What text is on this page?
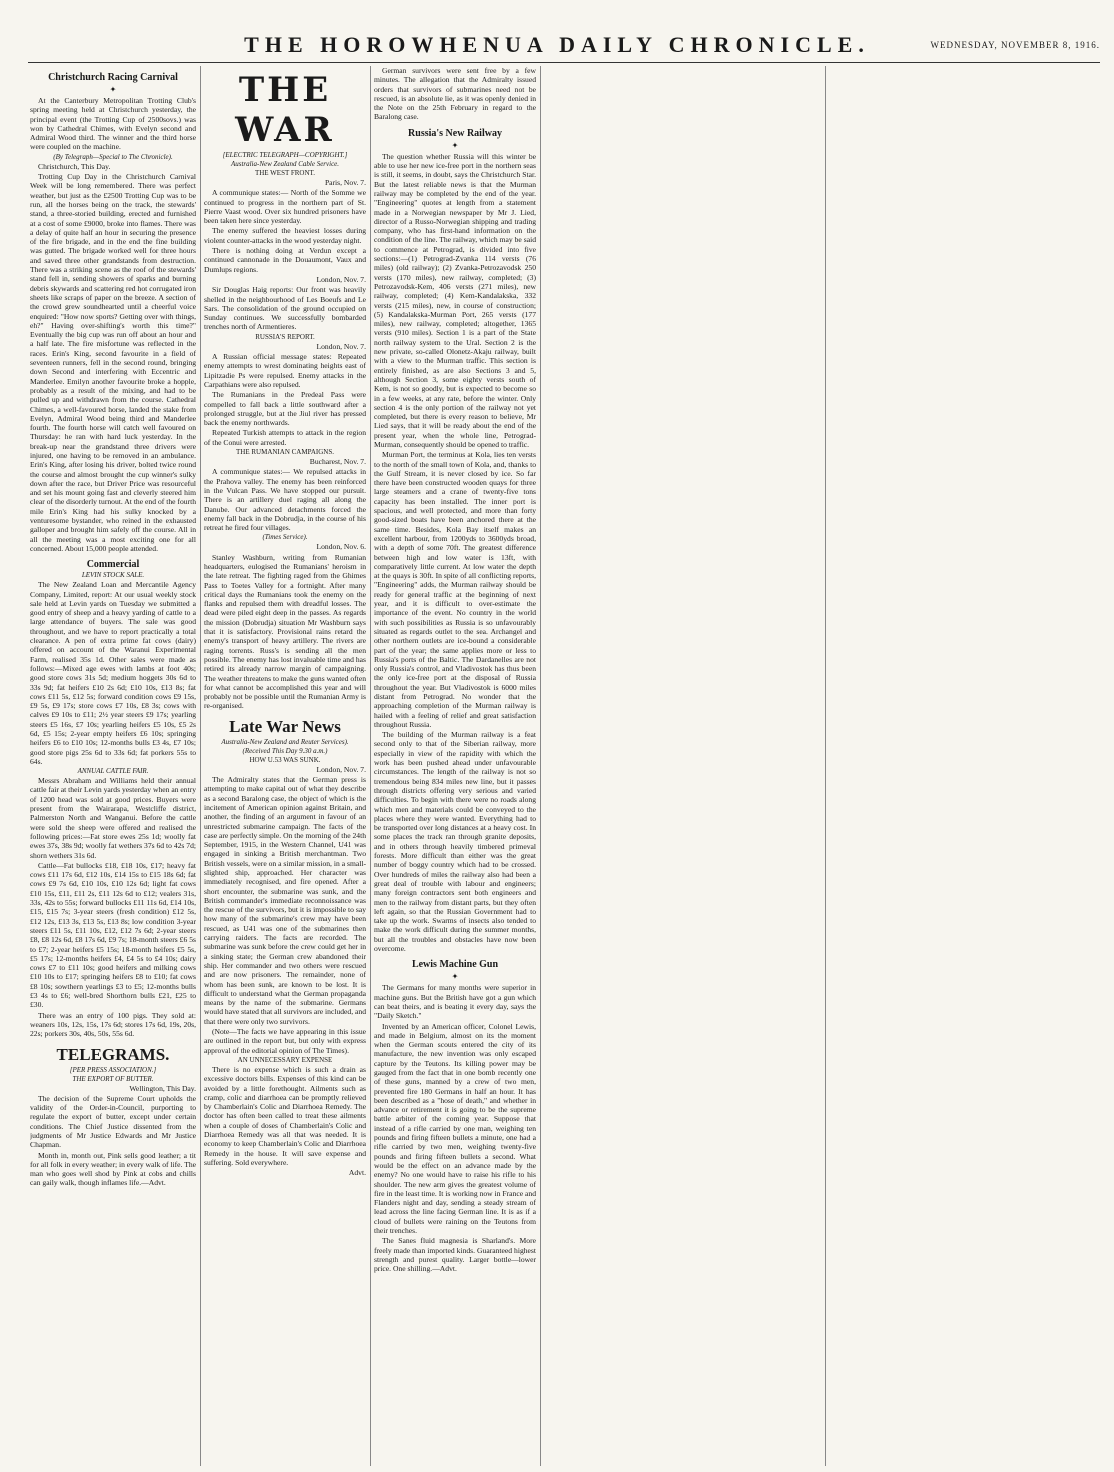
THE HOROWHENUA DAILY CHRONICLE.	WEDNESDAY, NOVEMBER 8, 1916.
Christchurch Racing Carnival
✦

At the Canterbury Metropolitan Trotting Club's spring meeting held at Christchurch yesterday, the principal event (the Trotting Cup of 2500sovs.) was won by Cathedral Chimes, with Evelyn second and Admiral Wood third. The winner and the third horse were coupled on the machine.

(By Telegraph—Special to The Chronicle).

Christchurch, This Day.

Trotting Cup Day in the Christchurch Carnival Week will be long remembered. There was perfect weather, but just as the £2500 Trotting Cup was to be run, all the horses being on the track, the stewards' stand, a three-storied building, erected and furnished at a cost of some £9000, broke into flames. There was a delay of quite half an hour in securing the presence of the fire brigade, and in the end the fine building was gutted. The brigade worked well for three hours and saved three other grandstands from destruction. There was a striking scene as the roof of the stewards' stand fell in, sending showers of sparks and burning debris skywards and scattering red hot corrugated iron sheets like scraps of paper on the breeze. A section of the crowd grew soundhearted until a cheerful voice enquired: "How now sports? Getting over with things, eh?" Having over-shifting's worth this time?" Eventually the big cup was run off about an hour and a half late. The fire misfortune was reflected in the races. Erin's King, second favourite in a field of seventeen runners, fell in the second round, bringing down Second and interfering with Eccentric and Manderlee. Emilyn another favourite broke a hopple, probably as a result of the mixing, and had to be pulled up and withdrawn from the course. Cathedral Chimes, a well-favoured horse, landed the stake from Evelyn, Admiral Wood being third and Manderlee fourth. The fourth horse will catch well favoured on Thursday: he ran with hard luck yesterday. In the break-up near the grandstand three drivers were injured, one having to be removed in an ambulance. Erin's King, after losing his driver, bolted twice round the course and almost brought the cup winner's sulky down after the race, but Driver Price was resourceful and set his mount going fast and cleverly steered him clear of the disorderly turnout. At the end of the fourth mile Erin's King had his sulky knocked by a venturesome bystander, who reined in the exhausted galloper and brought him safely off the course. All in all the meeting was a most exciting one for all concerned. About 15,000 people attended.

Commercial
LEVIN STOCK SALE.

The New Zealand Loan and Mercantile Agency Company, Limited, report: At our usual weekly stock sale held at Levin yards on Tuesday we submitted a good entry of sheep and a heavy yarding of cattle to a large attendance of buyers. The sale was good throughout, and we have to report practically a total clearance. A pen of extra prime fat cows (dairy) offered on account of the Waranui Experimental Farm, realised 35s 1d. Other sales were made as follows:—Mixed age ewes with lambs at foot 40s; good store cows 31s 5d; medium hoggets 30s 6d to 33s 9d; fat heifers £10 2s 6d; £10 10s, £13 8s; fat cows £11 5s, £12 5s; forward condition cows £9 15s, £9 5s, £9 17s; store cows £7 10s, £8 3s; cows with calves £9 10s to £11; 2½ year steers £9 17s; yearling steers £5 16s, £7 10s; yearling heifers £5 10s, £5 2s 6d, £5 15s; 2-year empty heifers £6 10s; springing heifers £6 to £10 10s; 12-months bulls £3 4s, £7 10s; good store pigs 25s 6d to 33s 6d; fat porkers 55s to 64s.

ANNUAL CATTLE FAIR.

Messrs Abraham and Williams held their annual cattle fair at their Levin yards yesterday when an entry of 1200 head was sold at good prices. Buyers were present from the Wairarapa, Westcliffe district, Palmerston North and Wanganui. Before the cattle were sold the sheep were offered and realised the following prices:—Fat store ewes 25s 1d; woolly fat ewes 37s, 38s 9d; woolly fat wethers 37s 6d to 42s 7d; shorn wethers 31s 6d.

Cattle—Fat bullocks £18, £18 10s, £17; heavy fat cows £11 17s 6d, £12 10s, £14 15s to £15 18s 6d; fat cows £9 7s 6d, £10 10s, £10 12s 6d; light fat cows £10 15s, £11, £11 2s, £11 12s 6d to £12; vealers 31s, 33s, 42s to 55s; forward bullocks £11 11s 6d, £14 10s, £15, £15 7s; 3-year steers (fresh condition) £12 5s, £12 12s, £13 3s, £13 5s, £13 8s; low condition 3-year steers £11 5s, £11 10s, £12, £12 7s 6d; 2-year steers £8, £8 12s 6d, £8 17s 6d, £9 7s; 18-month steers £6 5s to £7; 2-year heifers £5 15s; 18-month heifers £5 5s, £5 17s; 12-months heifers £4, £4 5s to £4 10s; dairy cows £7 to £11 10s; good heifers and milking cows £10 10s to £17; springing heifers £8 to £10; fat cows £8 10s; sowthern yearlings £3 to £5; 12-months bulls £3 4s to £6; well-bred Shorthorn bulls £21, £25 to £30.

There was an entry of 100 pigs. They sold at: weaners 10s, 12s, 15s, 17s 6d; stores 17s 6d, 19s, 20s, 22s; porkers 30s, 40s, 50s, 55s 6d.

TELEGRAMS.
[PER PRESS ASSOCIATION.]
THE EXPORT OF BUTTER.

Wellington, This Day.

The decision of the Supreme Court upholds the validity of the Order-in-Council, purporting to regulate the export of butter, except under certain conditions. The Chief Justice dissented from the judgments of Mr Justice Edwards and Mr Justice Chapman.

Month in, month out, Pink sells good leather; a tit for all folk in every weather; in every walk of life. The man who goes well shod by Pink at cobs and chills can gaily walk, though inflames life.—Advt.

THE WAR
[ELECTRIC TELEGRAPH—COPYRIGHT.]
Australia-New Zealand Cable Service.
THE WEST FRONT.

Paris, Nov. 7.

A communique states:— North of the Somme we continued to progress in the northern part of St. Pierre Vaast wood. Over six hundred prisoners have been taken here since yesterday.

The enemy suffered the heaviest losses during violent counter-attacks in the wood yesterday night.

There is nothing doing at Verdun except a continued cannonade in the Douaumont, Vaux and Dumlups regions.

London, Nov. 7.

Sir Douglas Haig reports: Our front was heavily shelled in the neighbourhood of Les Boeufs and Le Sars. The consolidation of the ground occupied on Sunday continues. We successfully bombarded trenches north of Armentieres.

RUSSIA'S REPORT.

London, Nov. 7.

A Russian official message states: Repeated enemy attempts to wrest dominating heights east of Lipitzadie Ps were repulsed. Enemy attacks in the Carpathians were also repulsed.

The Rumanians in the Predeal Pass were compelled to fall back a little southward after a prolonged struggle, but at the Jiul river has pressed back the enemy northwards.

Repeated Turkish attempts to attack in the region of the Conui were arrested.

THE RUMANIAN CAMPAIGNS.

Bucharest, Nov. 7.

A communique states:— We repulsed attacks in the Prahova valley. The enemy has been reinforced in the Vulcan Pass. We have stopped our pursuit. There is an artillery duel raging all along the Danube. Our advanced detachments forced the enemy fall back in the Dobrudja, in the course of his retreat he fired four villages.

(Times Service).

London, Nov. 6.

Stanley Washburn, writing from Rumanian headquarters, eulogised the Rumanians' heroism in the late retreat. The fighting raged from the Ghimes Pass to Toetes Valley for a fortnight. After many critical days the Rumanians took the enemy on the flanks and repulsed them with dreadful losses. The dead were piled eight deep in the passes. As regards the mission (Dobrudja) situation Mr Washburn says that it is satisfactory. Provisional rains retard the enemy's transport of heavy artillery. The rivers are raging torrents. Russ's is sending all the men possible. The enemy has lost invaluable time and has retired its already narrow margin of campaigning. The weather threatens to make the guns wanted often for what cannot be accomplished this year and will probably not be possible until the Rumanian Army is re-organised.

Late War News
Australia-New Zealand and Reuter Services).
(Received This Day 9.30 a.m.)
HOW U.53 WAS SUNK.

London, Nov. 7.

The Admiralty states that the German press is attempting to make capital out of what they describe as a second Baralong case, the object of which is the incitement of American opinion against Britain, and another, the finding of an argument in favour of an unrestricted submarine campaign. The facts of the case are perfectly simple. On the morning of the 24th September, 1915, in the Western Channel, U41 was engaged in sinking a British merchantman. Two British vessels, were on a similar mission, in a small-slighted ship, approached. Her character was immediately recognised, and fire opened. After a short encounter, the submarine was sunk, and the British commander's immediate reconnoissance was the rescue of the survivors, but it is impossible to say how many of the submarine's crew may have been rescued, as U41 was one of the submarines then carrying raiders. The facts are recorded. The submarine was sunk before the crew could get her in a sinking state; the German crew abandoned their ship. Her commander and two others were rescued and are now prisoners. The remainder, none of whom has been sunk, are known to be lost. It is difficult to understand what the German propaganda means by the name of the submarine. Germans would have stated that all survivors are included, and that there were only two survivors.

(Note—The facts we have appearing in this issue are outlined in the report but, but only with express approval of the editorial opinion of The Times).

AN UNNECESSARY EXPENSE

There is no expense which is such a drain as excessive doctors bills. Expenses of this kind can be avoided by a little forethought. Ailments such as cramp, colic and diarrhoea can be promptly relieved by Chamberlain's Colic and Diarrhoea Remedy. The doctor has often been called to treat these ailments when a couple of doses of Chamberlain's Colic and Diarrhoea Remedy was all that was needed. It is economy to keep Chamberlain's Colic and Diarrhoea Remedy in the house. It will save expense and suffering. Sold everywhere.

Advt.

German survivors were sent free by a few minutes. The allegation that the Admiralty issued orders that survivors of submarines need not be rescued, is an absolute lie, as it was openly denied in the Note on the 25th February in regard to the Baralong case.

Russia's New Railway
✦

The question whether Russia will this winter be able to use her new ice-free port in the northern seas is still, it seems, in doubt, says the Christchurch Star. But the latest reliable news is that the Murman railway may be completed by the end of the year. "Engineering" quotes at length from a statement made in a Norwegian newspaper by Mr J. Lied, director of a Russo-Norwegian shipping and trading company, who has first-hand information on the condition of the line. The railway, which may be said to commence at Petrograd, is divided into five sections:—(1) Petrograd-Zvanka 114 versts (76 miles) (old railway); (2) Zvanka-Petrozavodsk 250 versts (170 miles), new railway, completed; (3) Petrozavodsk-Kem, 406 versts (271 miles), new railway, completed; (4) Kem-Kandalakska, 332 versts (215 miles), new, in course of construction; (5) Kandalakska-Murman Port, 265 versts (177 miles), new railway, completed; altogether, 1365 versts (910 miles). Section 1 is a part of the State north railway system to the Ural. Section 2 is the new private, so-called Olonetz-Akaju railway, built with a view to the Murman traffic. This section is entirely finished, as are also Sections 3 and 5, although Section 3, some eighty versts south of Kem, is not so goodly, but is expected to become so in a few weeks, at any rate, before the winter. Only section 4 is the only portion of the railway not yet completed, but there is every reason to believe, Mr Lied says, that it will be ready about the end of the present year, when the whole line, Petrograd-Murman, consequently should be opened to traffic.

Murman Port, the terminus at Kola, lies ten versts to the north of the small town of Kola, and, thanks to the Gulf Stream, it is never closed by ice. So far there have been constructed wooden quays for three large steamers and a crane of twenty-five tons capacity has been installed. The inner port is spacious, and well protected, and more than forty good-sized boats have been anchored there at the same time. Besides, Kola Bay itself makes an excellent harbour, from 1200yds to 3600yds broad, with a depth of some 70ft. The greatest difference between high and low water is 13ft, with comparatively little current. At low water the depth at the quays is 30ft. In spite of all conflicting reports, "Engineering" adds, the Murman railway should be ready for general traffic at the beginning of next year, and it is difficult to over-estimate the importance of the event. No country in the world with such possibilities as Russia is so unfavourably situated as regards outlet to the sea. Archangel and other northern outlets are ice-bound a considerable part of the year; the same applies more or less to Russia's ports of the Baltic. The Dardanelles are not only Russia's control, and Vladivostok has thus been the only ice-free port at the disposal of Russia throughout the year. But Vladivostok is 6000 miles distant from Petrograd. No wonder that the approaching completion of the Murman railway is hailed with a feeling of relief and great satisfaction throughout Russia.

The building of the Murman railway is a feat second only to that of the Siberian railway, more especially in view of the rapidity with which the work has been pushed ahead under unfavourable circumstances. The length of the railway is not so tremendous being 834 miles new line, but it passes through districts offering very serious and varied difficulties. To begin with there were no roads along which men and materials could be conveyed to the places where they were wanted. Everything had to be transported over long distances at a heavy cost. In some places the track ran through granite deposits, and in others through heavily timbered primeval forests. More difficult than either was the great number of boggy country which had to be crossed. Over hundreds of miles the railway also had been a great deal of trouble with labour and engineers; many foreign contractors sent both engineers and men to the railway from distant parts, but they often left again, so that the Russian Government had to take up the work. Swarms of insects also tended to make the work difficult during the summer months, but all the troubles and obstacles have now been overcome.

Lewis Machine Gun
✦

The Germans for many months were superior in machine guns. But the British have got a gun which can beat theirs, and is beating it every day, says the "Daily Sketch."

Invented by an American officer, Colonel Lewis, and made in Belgium, almost on its the moment when the German scouts entered the city of its manufacture, the new invention was only escaped capture by the Teutons. Its killing power may be gauged from the fact that in one bomb recently one of these guns, manned by a crew of two men, prevented fire 180 Germans in half an hour. It has been described as a "hose of death," and whether in advance or retirement it is going to be the supreme battle arbiter of the coming year. Suppose that instead of a rifle carried by one man, weighing ten pounds and firing fifteen bullets a minute, one had a rifle carried by two men, weighing twenty-five pounds and firing fifteen bullets a second. What would be the effect on an advance made by the enemy? No one would have to raise his rifle to his shoulder. The new arm gives the greatest volume of fire in the least time. It is working now in France and Flanders night and day, sending a steady stream of lead across the line facing German line. It is as if a cloud of bullets were raining on the Teutons from their trenches.

The Sanes fluid magnesia is Sharland's. More freely made than imported kinds. Guaranteed highest strength and purest quality. Larger bottle—lower price. One shilling.—Advt.
